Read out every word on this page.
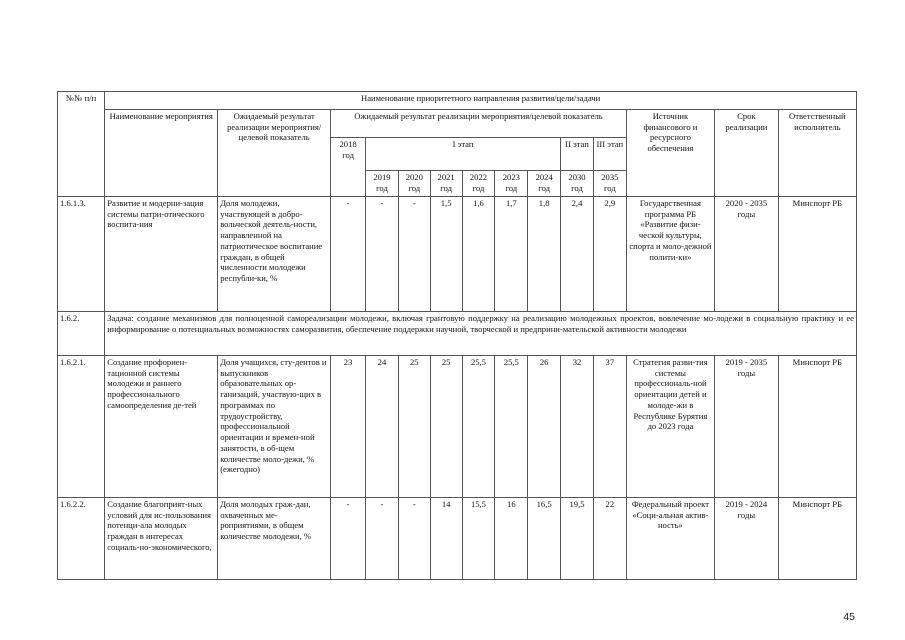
№№ п/п	Наименование приоритетного направления развития/цели/задачи													
	Наименование мероприятия	Ожидаемый результат реализации мероприятия/целевой показатель	Ожидаемый результат реализации мероприятия/целевой показатель									Источник финансового и ресурсного обеспечения	Срок реализации	Ответственный исполнитель
			2018 год	I этап						II этап	III этап			
				2019 год	2020 год	2021 год	2022 год	2023 год	2024 год	2030 год	2035 год			
1.6.1.3.	Развитие и модерни-зация системы патри-отического воспита-ния	Доля молодежи, участвующей в добро-вольческой деятель-ности, направленной на патриотическое воспитание граждан, в общей численности молодежи республи-ки, %	-	-	-	1,5	1,6	1,7	1,8	2,4	2,9	Государственная программа РБ «Развитие физи-ческой культуры, спорта и моло-дежной полити-ки»	2020 - 2035 годы	Минспорт РБ
1.6.2.	Задача: создание механизмов для полноценной самореализации молодежи, включая грантовую поддержку на реализацию молодежных проектов, вовлечение мо-лодежи в социальную практику и ее информирование о потенциальных возможностях саморазвития, обеспечение поддержки научной, творческой и предприни-мательской активности молодежи													
1.6.2.1.	Создание профориен-тационной системы молодежи и раннего профессионального самоопределения де-тей	Доля учащихся, сту-дентов и выпускников образовательных ор-ганизаций, участвую-щих в программах по трудоустройству, профессиональной ориентации и времен-ной занятости, в об-щем количестве моло-дежи, % (ежегодно)	23	24	25	25	25,5	25,5	26	32	37	Стратегия разви-тия системы профессиональ-ной ориентации детей и молоде-жи в Республике Бурятия до 2023 года	2019 - 2035 годы	Минспорт РБ
1.6.2.2.	Создание благоприят-ных условий для ис-пользования потенци-ала молодых граждан в интересах социаль-но-экономического,	Доля молодых граж-дан, охваченных ме-роприятиями, в общем количестве молодежи, %	-	-	-	14	15,5	16	16,5	19,5	22	Федеральный проект «Соци-альная актив-ность»	2019 - 2024 годы	Минспорт РБ
45
